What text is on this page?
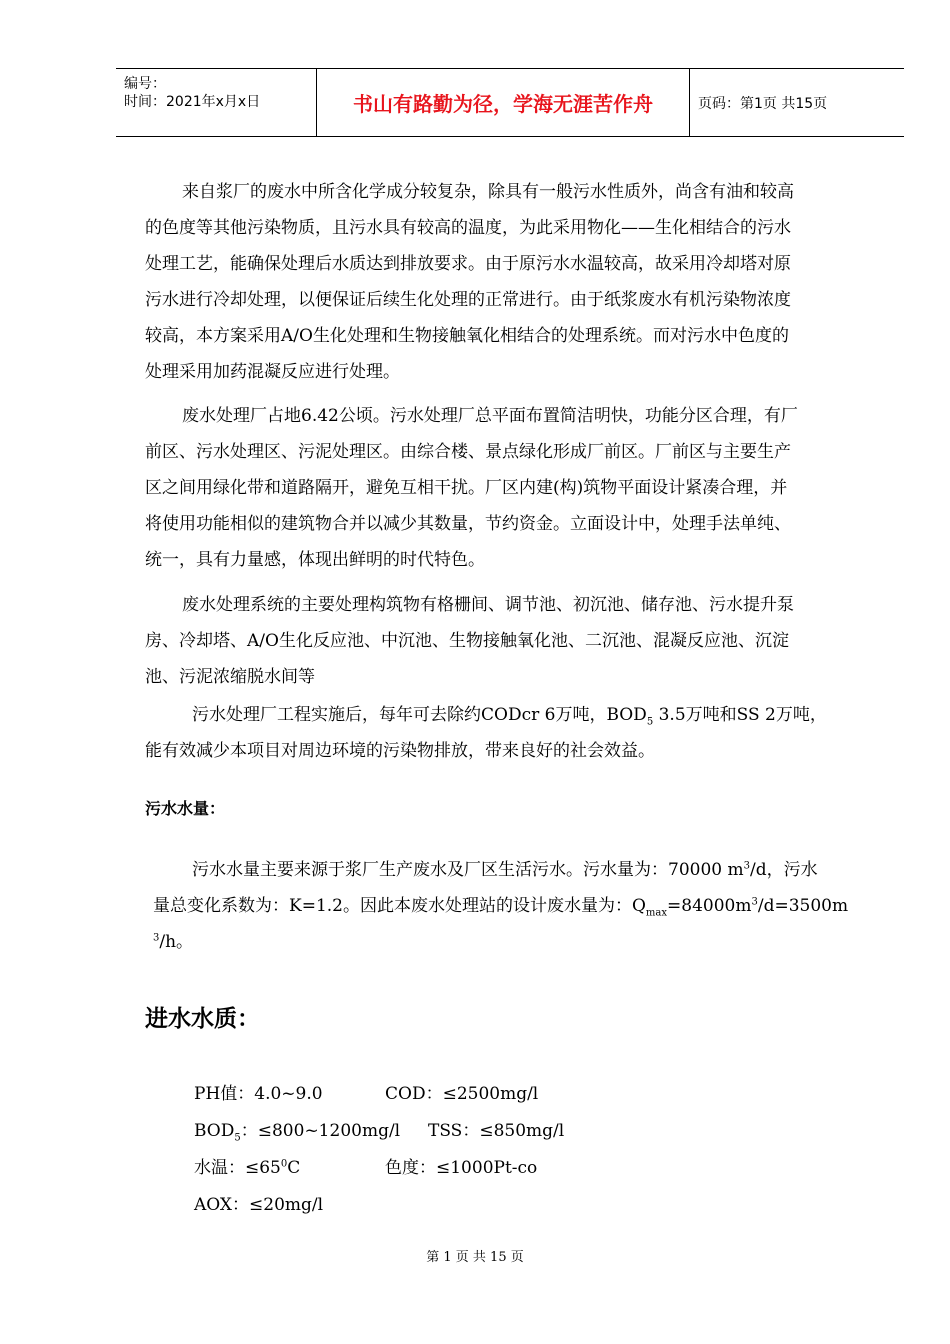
编号：
时间：2021年x月x日	书山有路勤为径，学海无涯苦作舟	页码：第1页 共15页

来自浆厂的废水中所含化学成分较复杂，除具有一般污水性质外，尚含有油和较高
的色度等其他污染物质，且污水具有较高的温度，为此采用物化——生化相结合的污水
处理工艺，能确保处理后水质达到排放要求。由于原污水水温较高，故采用冷却塔对原
污水进行冷却处理，以便保证后续生化处理的正常进行。由于纸浆废水有机污染物浓度
较高，本方案采用A/O生化处理和生物接触氧化相结合的处理系统。而对污水中色度的
处理采用加药混凝反应进行处理。

废水处理厂占地6.42公顷。污水处理厂总平面布置简洁明快，功能分区合理，有厂
前区、污水处理区、污泥处理区。由综合楼、景点绿化形成厂前区。厂前区与主要生产
区之间用绿化带和道路隔开，避免互相干扰。厂区内建(构)筑物平面设计紧凑合理，并
将使用功能相似的建筑物合并以减少其数量，节约资金。立面设计中，处理手法单纯、
统一，具有力量感，体现出鲜明的时代特色。

废水处理系统的主要处理构筑物有格栅间、调节池、初沉池、储存池、污水提升泵
房、冷却塔、A/O生化反应池、中沉池、生物接触氧化池、二沉池、混凝反应池、沉淀
池、污泥浓缩脱水间等

污水处理厂工程实施后，每年可去除约CODcr 6万吨，$BOD_5$ 3.5万吨和SS 2万吨，
能有效减少本项目对周边环境的污染物排放，带来良好的社会效益。

污水水量：

污水水量主要来源于浆厂生产废水及厂区生活污水。污水量为：70000 $m^3/d$，污水
量总变化系数为：K=1.2。因此本废水处理站的设计废水量为：$Q_{max}=84000m^3/d=3500m$
$^3$/h。

进水水质：
PH值：4.0~9.0	COD：≤2500mg/l
$BOD_5$：≤800~1200mg/l TSS：≤850mg/l
水温：$\le 65^0C$	色度：≤1000Pt-co
AOX：≤20mg/l
第 1 页 共 15 页
